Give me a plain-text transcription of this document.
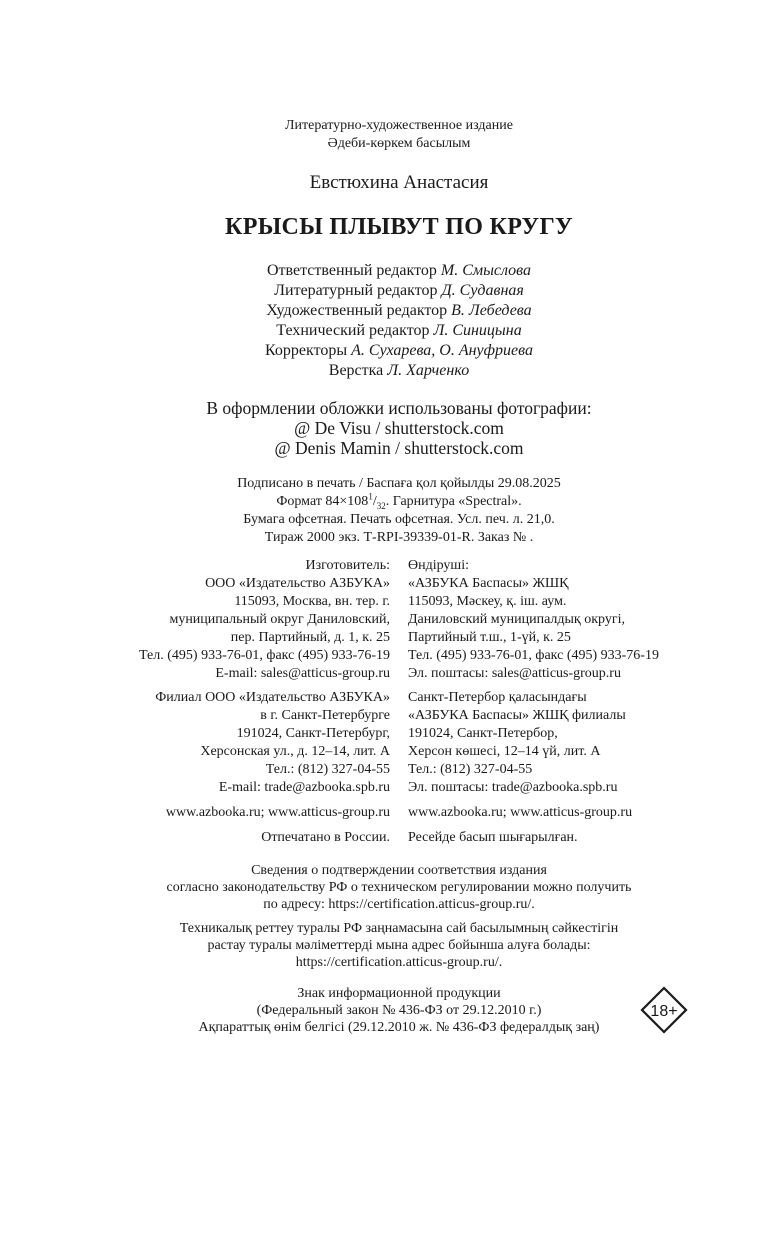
Литературно-художественное издание
Әдеби-көркем басылым
Евстюхина Анастасия
КРЫСЫ ПЛЫВУТ ПО КРУГУ
Ответственный редактор М. Смыслова
Литературный редактор Д. Судавная
Художественный редактор В. Лебедева
Технический редактор Л. Синицына
Корректоры А. Сухарева, О. Ануфриева
Верстка Л. Харченко
В оформлении обложки использованы фотографии:
@ De Visu / shutterstock.com
@ Denis Mamin / shutterstock.com
Подписано в печать / Баспаға қол қойылды 29.08.2025
Формат $84\times 108^1/_{32}$. Гарнитура «Spectral».
Бумага офсетная. Печать офсетная. Усл. печ. л. 21,0.
Тираж 2000 экз. Т-RPI-39339-01-R. Заказ № .
Изготовитель:
ООО «Издательство АЗБУКА»
115093, Москва, вн. тер. г.
муниципальный округ Даниловский,
пер. Партийный, д. 1, к. 25
Тел. (495) 933-76-01, факс (495) 933-76-19
E-mail: sales@atticus-group.ru
Өндіруші:
«АЗБУКА Баспасы» ЖШҚ
115093, Мәскеу, қ. іш. аум.
Даниловский муниципалдық округі,
Партийный т.ш., 1-үй, к. 25
Тел. (495) 933-76-01, факс (495) 933-76-19
Эл. поштасы: sales@atticus-group.ru
Филиал ООО «Издательство АЗБУКА»
в г. Санкт-Петербурге
191024, Санкт-Петербург,
Херсонская ул., д. 12–14, лит. А
Тел.: (812) 327-04-55
E-mail: trade@azbooka.spb.ru
Санкт-Петербор қаласындағы
«АЗБУКА Баспасы» ЖШҚ филиалы
191024, Санкт-Петербор,
Херсон көшесі, 12–14 үй, лит. А
Тел.: (812) 327-04-55
Эл. поштасы: trade@azbooka.spb.ru
www.azbooka.ru; www.atticus-group.ru www.azbooka.ru; www.atticus-group.ru
Отпечатано в России. Ресейде басып шығарылған.
Сведения о подтверждении соответствия издания
согласно законодательству РФ о техническом регулировании можно получить
по адресу: https://certification.atticus-group.ru/.
Техникалық реттеу туралы РФ заңнамасына сай басылымның сәйкестігін
растау туралы мәліметтерді мына адрес бойынша алуға болады:
https://certification.atticus-group.ru/.
Знак информационной продукции
(Федеральный закон № 436-ФЗ от 29.12.2010 г.)
Ақпараттық өнім белгісі (29.12.2010 ж. № 436-ФЗ федералдық заң)
18+
